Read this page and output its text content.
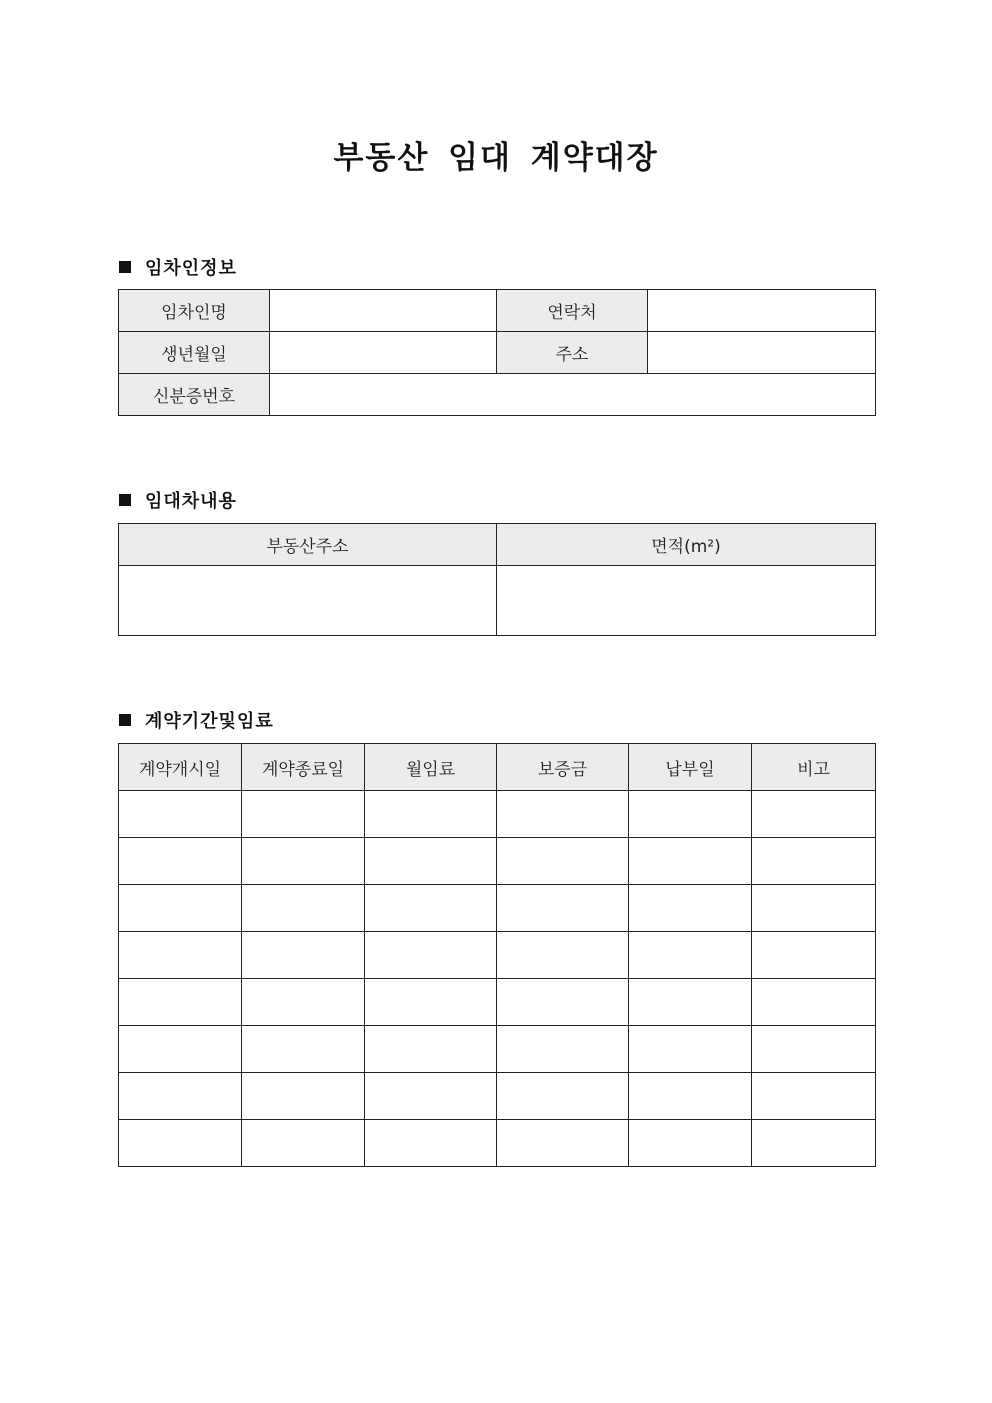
부동산 임대 계약대장
임차인정보
임차인명		연락처	
생년월일		주소	
신분증번호			
임대차내용
부동산주소	면적(m²)

계약기간및임료
계약개시일	계약종료일	월임료	보증금	납부일	비고
